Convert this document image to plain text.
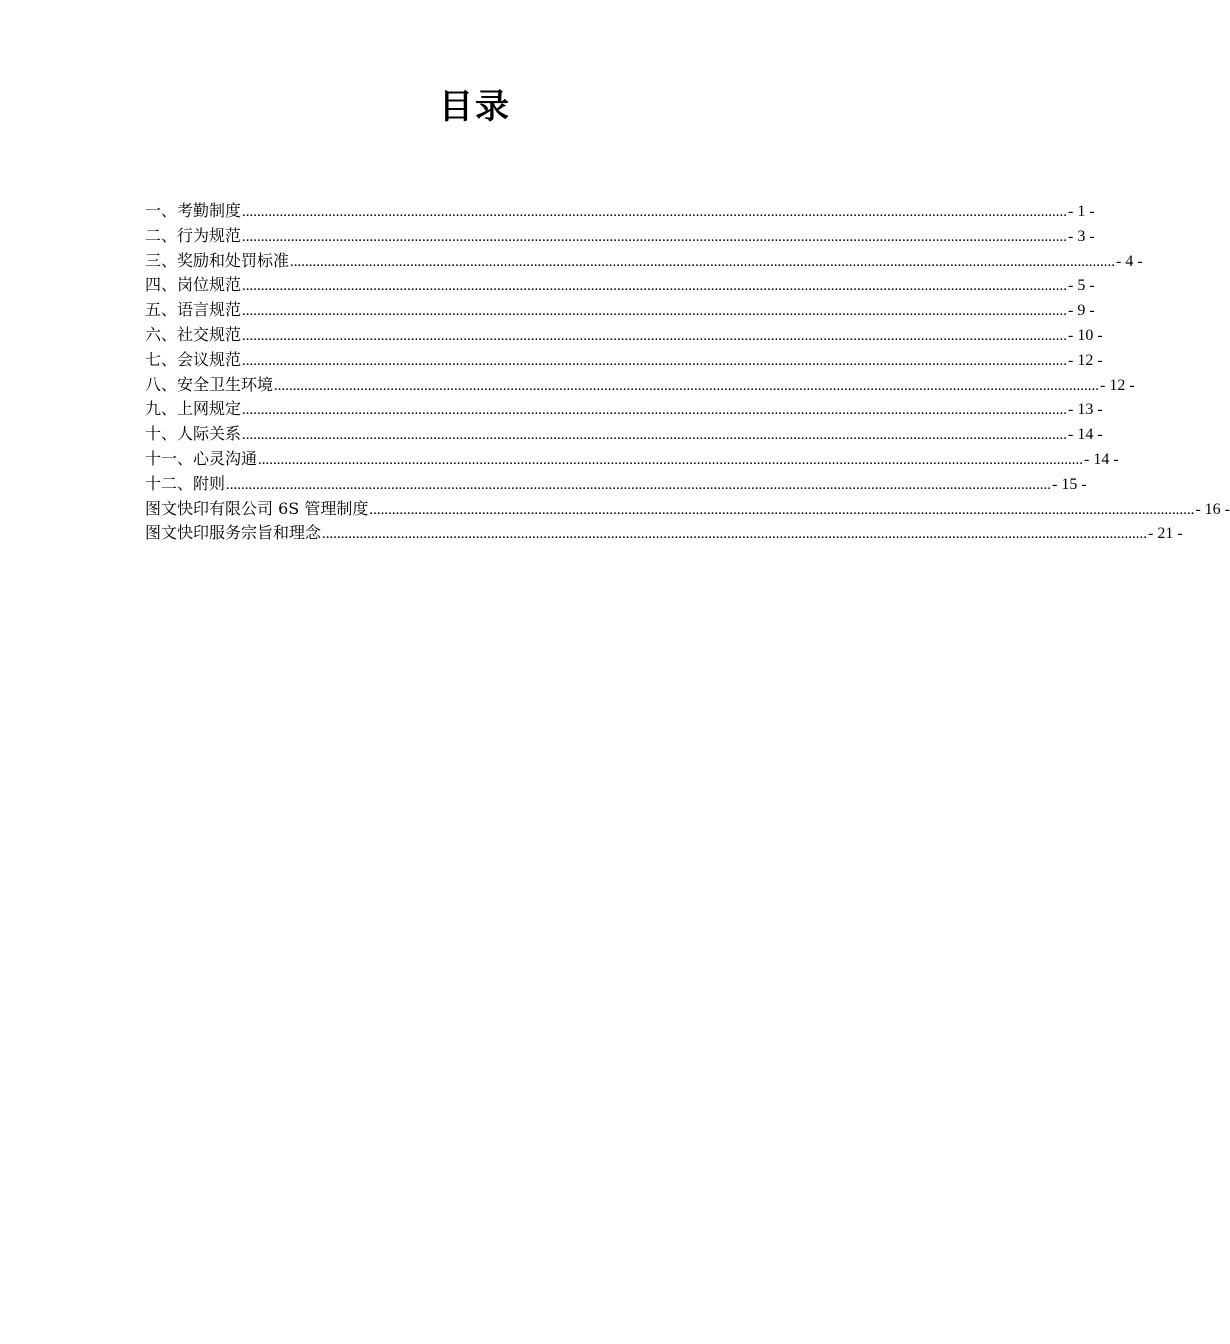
目录
一、考勤制度 ............................................................................................................................................................................................................................ - 1 -
二、行为规范 ............................................................................................................................................................................................................................ - 3 -
三、奖励和处罚标准 ............................................................................................................................................................................................................................ - 4 -
四、岗位规范 ............................................................................................................................................................................................................................ - 5 -
五、语言规范 ............................................................................................................................................................................................................................ - 9 -
六、社交规范 ............................................................................................................................................................................................................................ - 10 -
七、会议规范 ............................................................................................................................................................................................................................ - 12 -
八、安全卫生环境 ............................................................................................................................................................................................................................ - 12 -
九、上网规定 ............................................................................................................................................................................................................................ - 13 -
十、人际关系 ............................................................................................................................................................................................................................ - 14 -
十一、心灵沟通 ............................................................................................................................................................................................................................ - 14 -
十二、附则 ............................................................................................................................................................................................................................ - 15 -
图文快印有限公司 6S 管理制度 ............................................................................................................................................................................................................................ - 16 -
图文快印服务宗旨和理念 ............................................................................................................................................................................................................................ - 21 -
